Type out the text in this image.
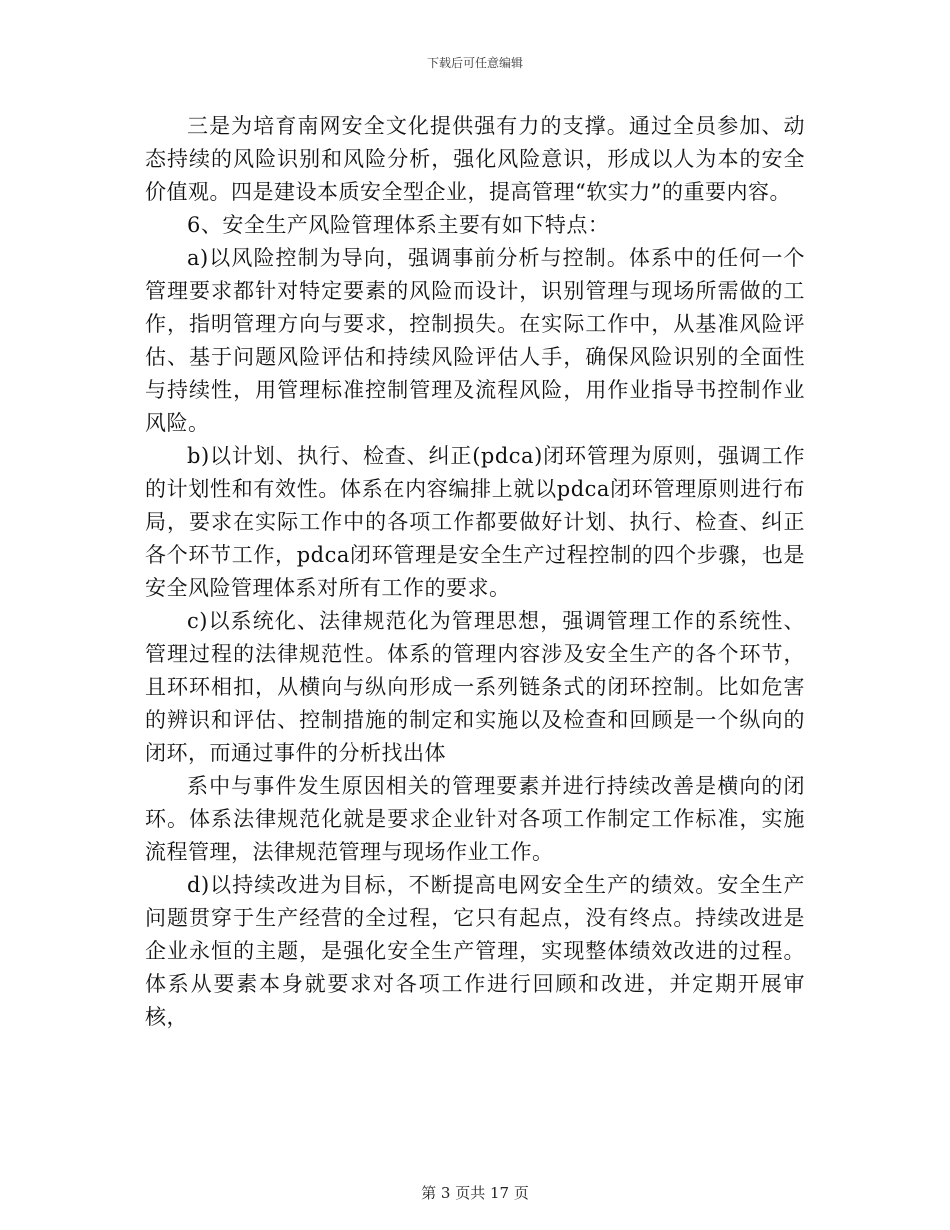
下载后可任意编辑

三是为培育南网安全文化提供强有力的支撑。通过全员参加、动态持续的风险识别和风险分析，强化风险意识，形成以人为本的安全价值观。四是建设本质安全型企业，提高管理“软实力”的重要内容。

6、安全生产风险管理体系主要有如下特点：

a)以风险控制为导向，强调事前分析与控制。体系中的任何一个管理要求都针对特定要素的风险而设计，识别管理与现场所需做的工作，指明管理方向与要求，控制损失。在实际工作中，从基准风险评估、基于问题风险评估和持续风险评估人手，确保风险识别的全面性与持续性，用管理标准控制管理及流程风险，用作业指导书控制作业风险。

b)以计划、执行、检查、纠正(pdca)闭环管理为原则，强调工作的计划性和有效性。体系在内容编排上就以pdca闭环管理原则进行布局，要求在实际工作中的各项工作都要做好计划、执行、检查、纠正各个环节工作，pdca闭环管理是安全生产过程控制的四个步骤，也是安全风险管理体系对所有工作的要求。

c)以系统化、法律规范化为管理思想，强调管理工作的系统性、管理过程的法律规范性。体系的管理内容涉及安全生产的各个环节，且环环相扣，从横向与纵向形成一系列链条式的闭环控制。比如危害的辨识和评估、控制措施的制定和实施以及检查和回顾是一个纵向的闭环，而通过事件的分析找出体

系中与事件发生原因相关的管理要素并进行持续改善是横向的闭环。体系法律规范化就是要求企业针对各项工作制定工作标准，实施流程管理，法律规范管理与现场作业工作。

d)以持续改进为目标，不断提高电网安全生产的绩效。安全生产问题贯穿于生产经营的全过程，它只有起点，没有终点。持续改进是企业永恒的主题，是强化安全生产管理，实现整体绩效改进的过程。体系从要素本身就要求对各项工作进行回顾和改进，并定期开展审核，

第 3 页共 17 页
